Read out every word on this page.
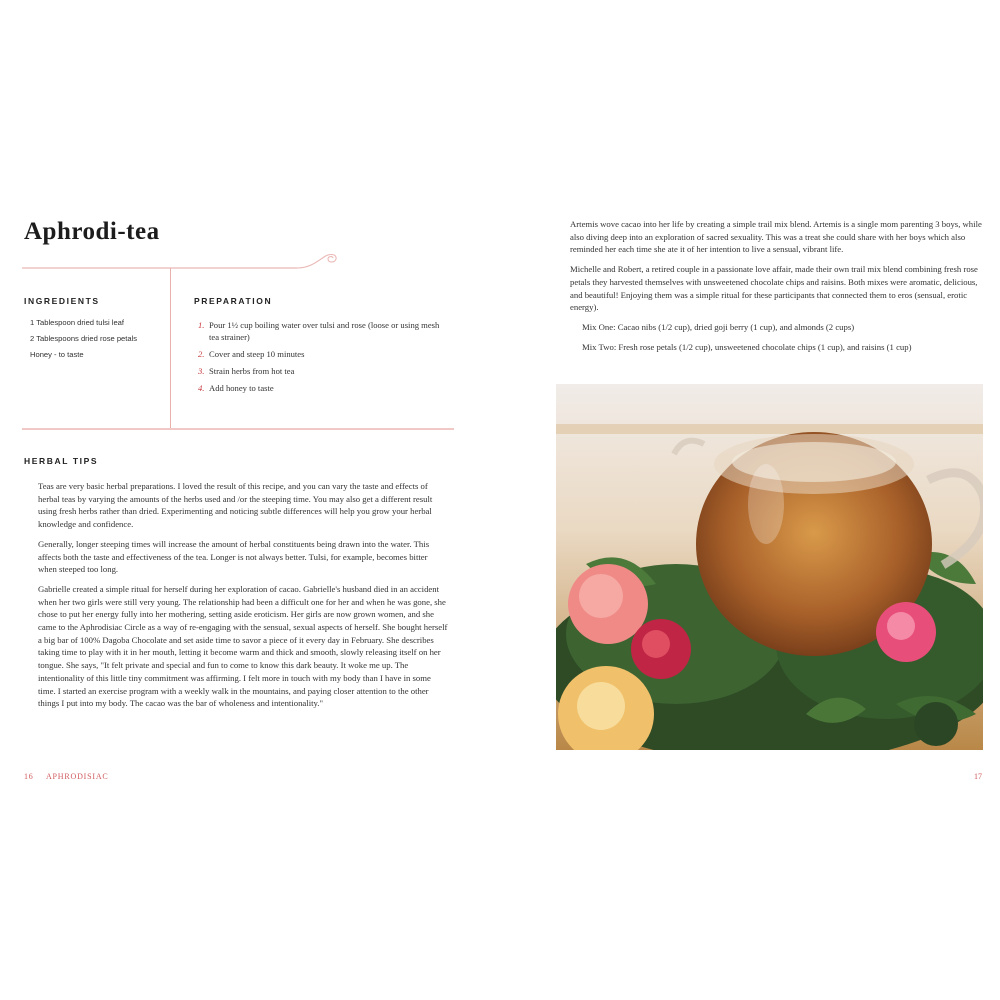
Aphrodi-tea
INGREDIENTS
1 Tablespoon dried tulsi leaf
2 Tablespoons dried rose petals
Honey - to taste
PREPARATION
1. Pour 1½ cup boiling water over tulsi and rose (loose or using mesh tea strainer)
2. Cover and steep 10 minutes
3. Strain herbs from hot tea
4. Add honey to taste
HERBAL TIPS

Teas are very basic herbal preparations. I loved the result of this recipe, and you can vary the taste and effects of herbal teas by varying the amounts of the herbs used and /or the steeping time. You may also get a different result using fresh herbs rather than dried. Experimenting and noticing subtle differences will help you grow your herbal knowledge and confidence.

Generally, longer steeping times will increase the amount of herbal constituents being drawn into the water. This affects both the taste and effectiveness of the tea. Longer is not always better. Tulsi, for example, becomes bitter when steeped too long.

Gabrielle created a simple ritual for herself during her exploration of cacao. Gabrielle's husband died in an accident when her two girls were still very young. The relationship had been a difficult one for her and when he was gone, she chose to put her energy fully into her mothering, setting aside eroticism. Her girls are now grown women, and she came to the Aphrodisiac Circle as a way of re-engaging with the sensual, sexual aspects of herself. She bought herself a big bar of 100% Dagoba Chocolate and set aside time to savor a piece of it every day in February. She describes taking time to play with it in her mouth, letting it become warm and thick and smooth, slowly releasing itself on her tongue. She says, "It felt private and special and fun to come to know this dark beauty. It woke me up. The intentionality of this little tiny commitment was affirming. I felt more in touch with my body than I have in some time. I started an exercise program with a weekly walk in the mountains, and paying closer attention to the other things I put into my body. The cacao was the bar of wholeness and intentionality."

16 APHRODISIAC

Artemis wove cacao into her life by creating a simple trail mix blend. Artemis is a single mom parenting 3 boys, while also diving deep into an exploration of sacred sexuality. This was a treat she could share with her boys which also reminded her each time she ate it of her intention to live a sensual, vibrant life.

Michelle and Robert, a retired couple in a passionate love affair, made their own trail mix blend combining fresh rose petals they harvested themselves with unsweetened chocolate chips and raisins. Both mixes were aromatic, delicious, and beautiful! Enjoying them was a simple ritual for these participants that connected them to eros (sensual, erotic energy).

Mix One: Cacao nibs (1/2 cup), dried goji berry (1 cup), and almonds (2 cups)

Mix Two: Fresh rose petals (1/2 cup), unsweetened chocolate chips (1 cup), and raisins (1 cup)

17
